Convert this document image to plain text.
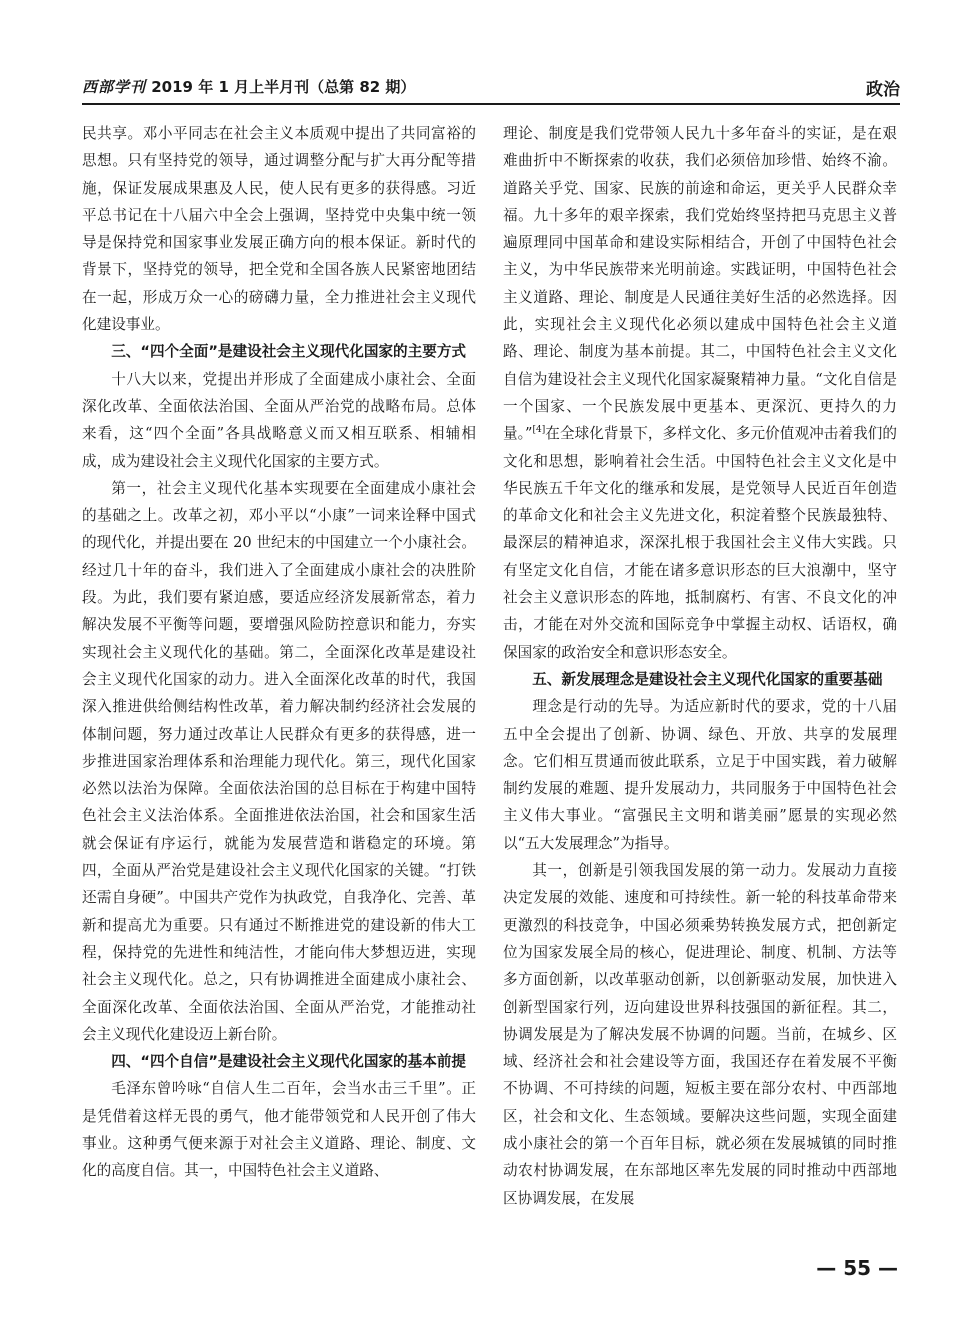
西部学刊 2019 年 1 月上半月刊（总第 82 期）	政治

民共享。邓小平同志在社会主义本质观中提出了共同富裕的思想。只有坚持党的领导，通过调整分配与扩大再分配等措施，保证发展成果惠及人民，使人民有更多的获得感。习近平总书记在十八届六中全会上强调，坚持党中央集中统一领导是保持党和国家事业发展正确方向的根本保证。新时代的背景下，坚持党的领导，把全党和全国各族人民紧密地团结在一起，形成万众一心的磅礴力量，全力推进社会主义现代化建设事业。

三、“四个全面”是建设社会主义现代化国家的主要方式

十八大以来，党提出并形成了全面建成小康社会、全面深化改革、全面依法治国、全面从严治党的战略布局。总体来看，这“四个全面”各具战略意义而又相互联系、相辅相成，成为建设社会主义现代化国家的主要方式。

第一，社会主义现代化基本实现要在全面建成小康社会的基础之上。改革之初，邓小平以“小康”一词来诠释中国式的现代化，并提出要在 20 世纪末的中国建立一个小康社会。经过几十年的奋斗，我们进入了全面建成小康社会的决胜阶段。为此，我们要有紧迫感，要适应经济发展新常态，着力解决发展不平衡等问题，要增强风险防控意识和能力，夯实实现社会主义现代化的基础。第二，全面深化改革是建设社会主义现代化国家的动力。进入全面深化改革的时代，我国深入推进供给侧结构性改革，着力解决制约经济社会发展的体制问题，努力通过改革让人民群众有更多的获得感，进一步推进国家治理体系和治理能力现代化。第三，现代化国家必然以法治为保障。全面依法治国的总目标在于构建中国特色社会主义法治体系。全面推进依法治国，社会和国家生活就会保证有序运行，就能为发展营造和谐稳定的环境。第四，全面从严治党是建设社会主义现代化国家的关键。“打铁还需自身硬”。中国共产党作为执政党，自我净化、完善、革新和提高尤为重要。只有通过不断推进党的建设新的伟大工程，保持党的先进性和纯洁性，才能向伟大梦想迈进，实现社会主义现代化。总之，只有协调推进全面建成小康社会、全面深化改革、全面依法治国、全面从严治党，才能推动社会主义现代化建设迈上新台阶。

四、“四个自信”是建设社会主义现代化国家的基本前提

毛泽东曾吟咏“自信人生二百年，会当水击三千里”。正是凭借着这样无畏的勇气，他才能带领党和人民开创了伟大事业。这种勇气便来源于对社会主义道路、理论、制度、文化的高度自信。其一，中国特色社会主义道路、

理论、制度是我们党带领人民九十多年奋斗的实证，是在艰难曲折中不断探索的收获，我们必须倍加珍惜、始终不渝。道路关乎党、国家、民族的前途和命运，更关乎人民群众幸福。九十多年的艰辛探索，我们党始终坚持把马克思主义普遍原理同中国革命和建设实际相结合，开创了中国特色社会主义，为中华民族带来光明前途。实践证明，中国特色社会主义道路、理论、制度是人民通往美好生活的必然选择。因此，实现社会主义现代化必须以建成中国特色社会主义道路、理论、制度为基本前提。其二，中国特色社会主义文化自信为建设社会主义现代化国家凝聚精神力量。“文化自信是一个国家、一个民族发展中更基本、更深沉、更持久的力量。”[4]在全球化背景下，多样文化、多元价值观冲击着我们的文化和思想，影响着社会生活。中国特色社会主义文化是中华民族五千年文化的继承和发展，是党领导人民近百年创造的革命文化和社会主义先进文化，积淀着整个民族最独特、最深层的精神追求，深深扎根于我国社会主义伟大实践。只有坚定文化自信，才能在诸多意识形态的巨大浪潮中，坚守社会主义意识形态的阵地，抵制腐朽、有害、不良文化的冲击，才能在对外交流和国际竞争中掌握主动权、话语权，确保国家的政治安全和意识形态安全。

五、新发展理念是建设社会主义现代化国家的重要基础

理念是行动的先导。为适应新时代的要求，党的十八届五中全会提出了创新、协调、绿色、开放、共享的发展理念。它们相互贯通而彼此联系，立足于中国实践，着力破解制约发展的难题、提升发展动力，共同服务于中国特色社会主义伟大事业。“富强民主文明和谐美丽”愿景的实现必然以“五大发展理念”为指导。

其一，创新是引领我国发展的第一动力。发展动力直接决定发展的效能、速度和可持续性。新一轮的科技革命带来更激烈的科技竞争，中国必须乘势转换发展方式，把创新定位为国家发展全局的核心，促进理论、制度、机制、方法等多方面创新，以改革驱动创新，以创新驱动发展，加快进入创新型国家行列，迈向建设世界科技强国的新征程。其二，协调发展是为了解决发展不协调的问题。当前，在城乡、区域、经济社会和社会建设等方面，我国还存在着发展不平衡不协调、不可持续的问题，短板主要在部分农村、中西部地区，社会和文化、生态领域。要解决这些问题，实现全面建成小康社会的第一个百年目标，就必须在发展城镇的同时推动农村协调发展，在东部地区率先发展的同时推动中西部地区协调发展，在发展

— 55 —
